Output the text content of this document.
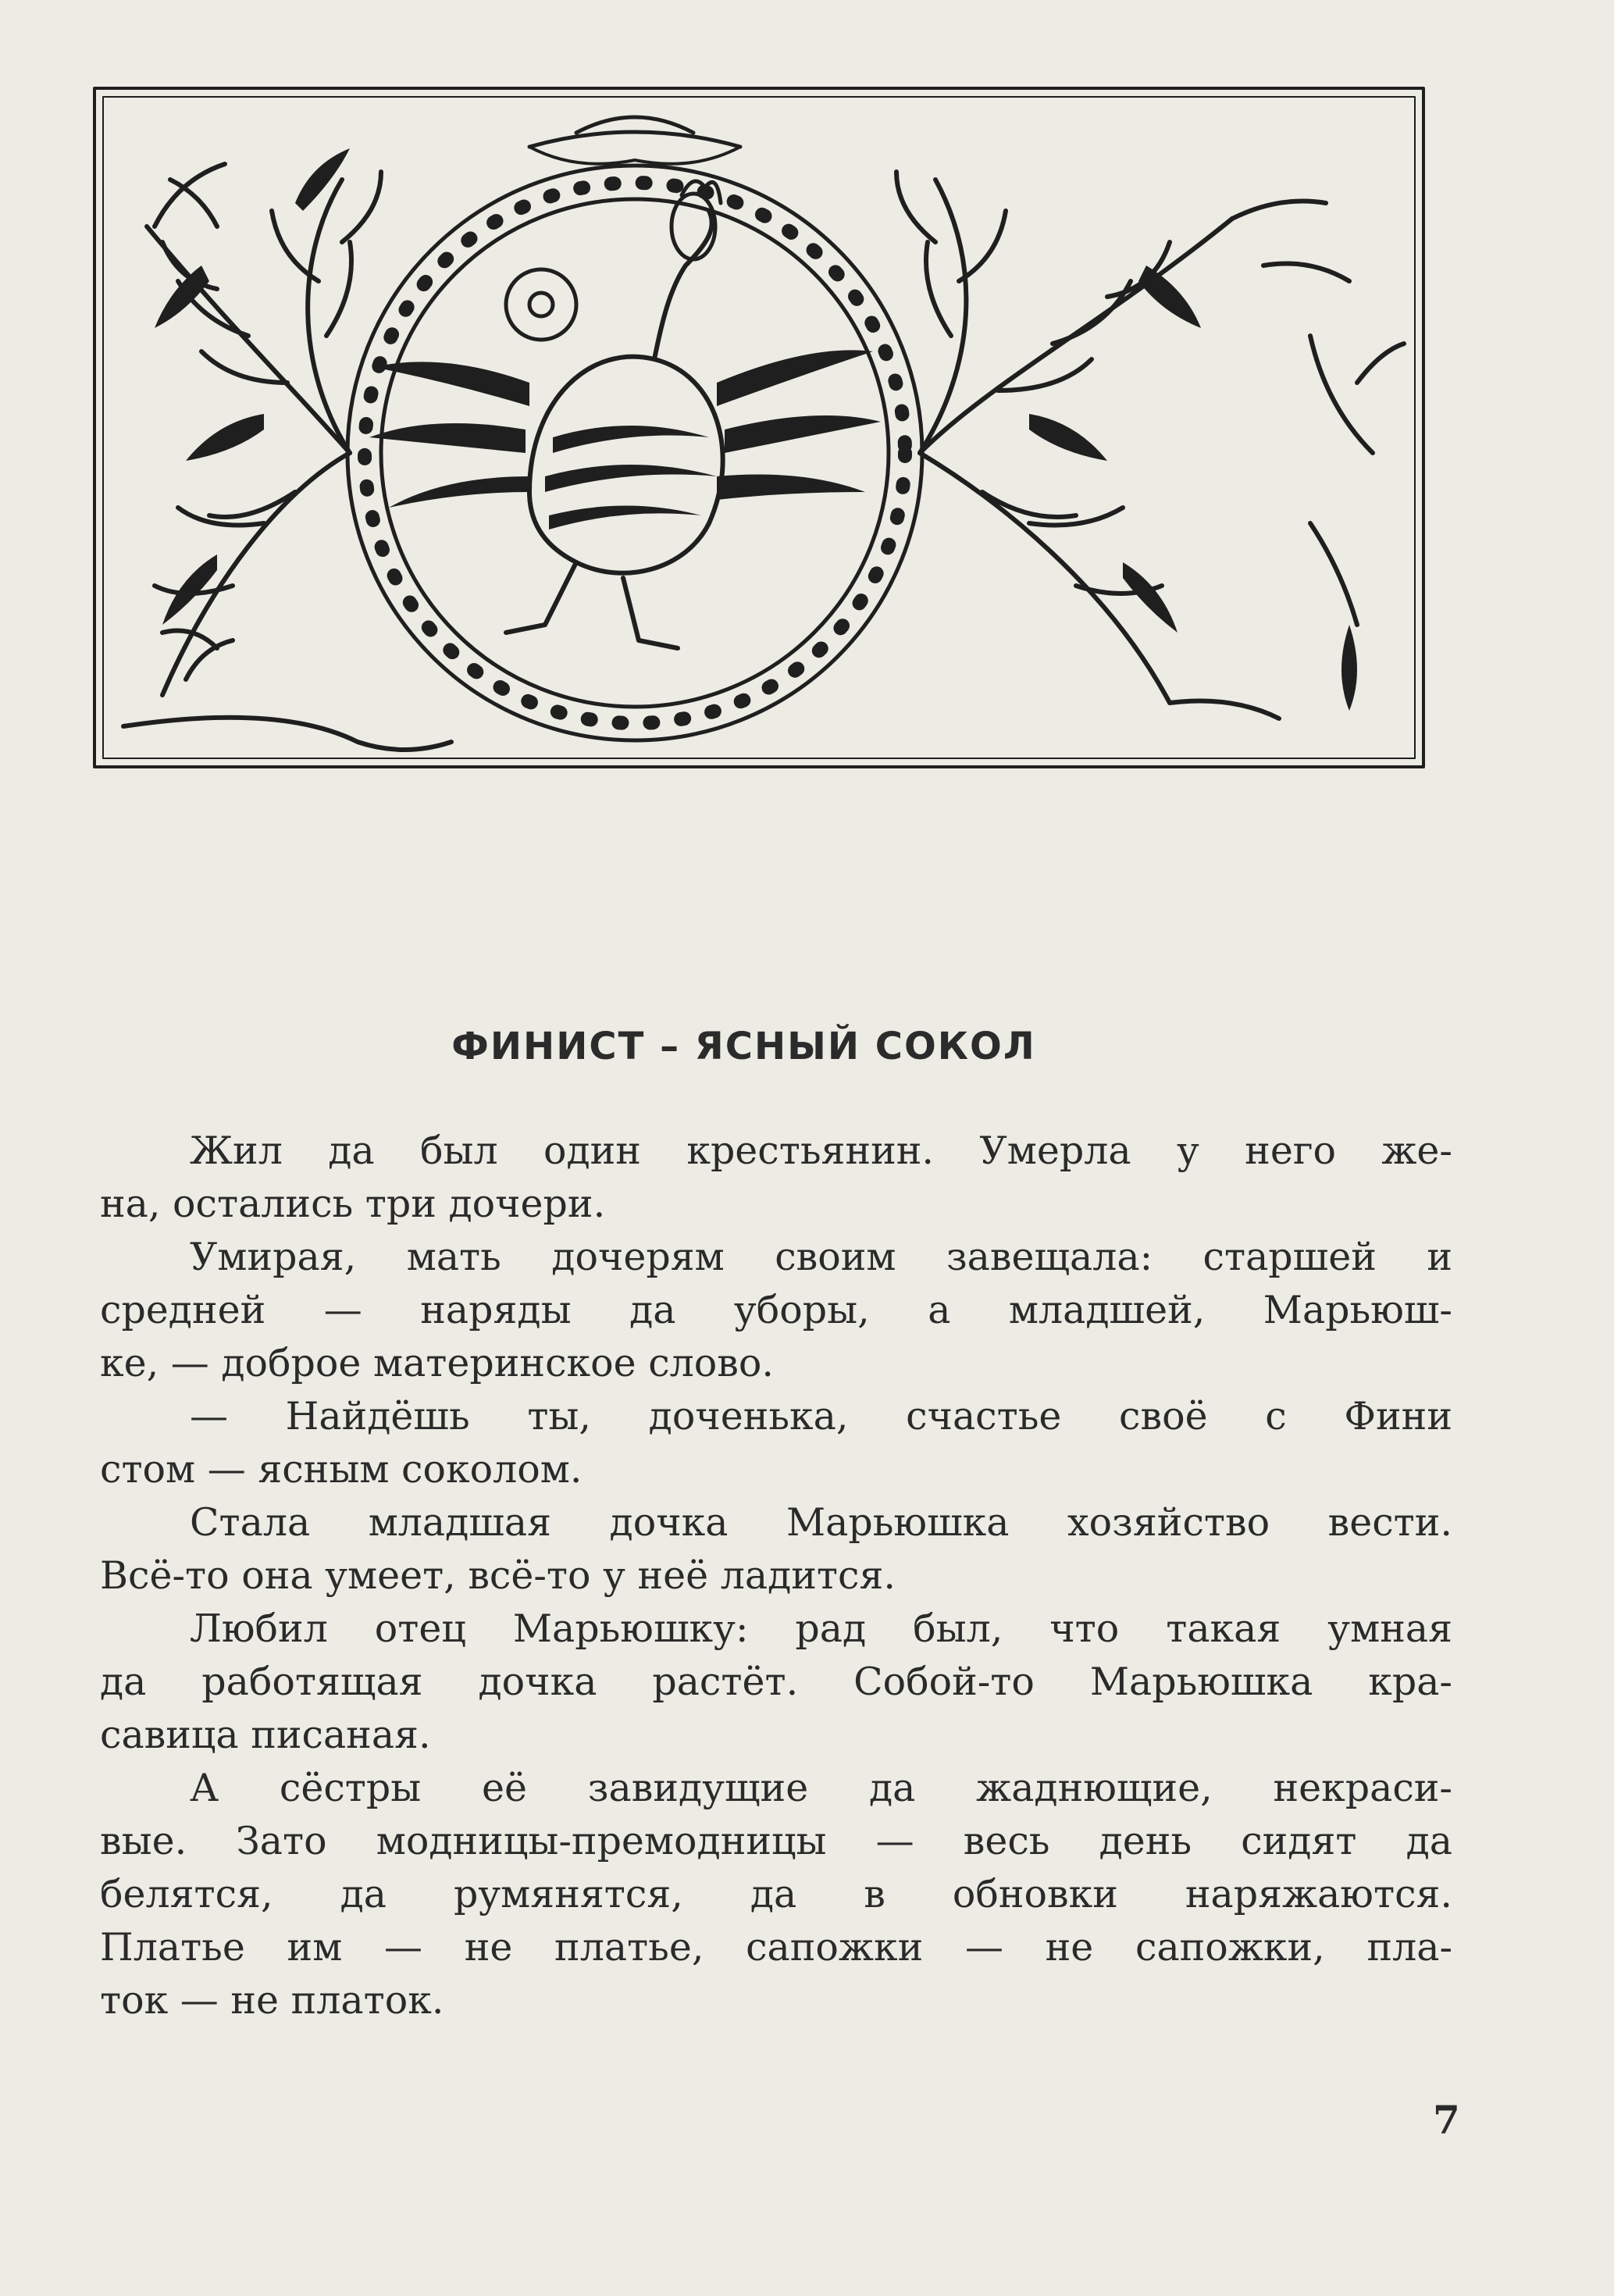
ФИНИСТ – ЯСНЫЙ СОКОЛ

Жил да был один крестьянин. Умерла у него же-
на, остались три дочери.

Умирая, мать дочерям своим завещала: старшей и
средней — наряды да уборы, а младшей, Марьюш-
ке, — доброе материнское слово.

— Найдёшь ты, доченька, счастье своё с Фини
стом — ясным соколом.

Стала младшая дочка Марьюшка хозяйство вести.
Всё-то она умеет, всё-то у неё ладится.

Любил отец Марьюшку: рад был, что такая умная
да работящая дочка растёт. Собой-то Марьюшка кра-
савица писаная.

А сёстры её завидущие да жаднющие, некраси-
вые. Зато модницы-премодницы — весь день сидят да
белятся, да румянятся, да в обновки наряжаются.
Платье им — не платье, сапожки — не сапожки, пла-
ток — не платок.

7
